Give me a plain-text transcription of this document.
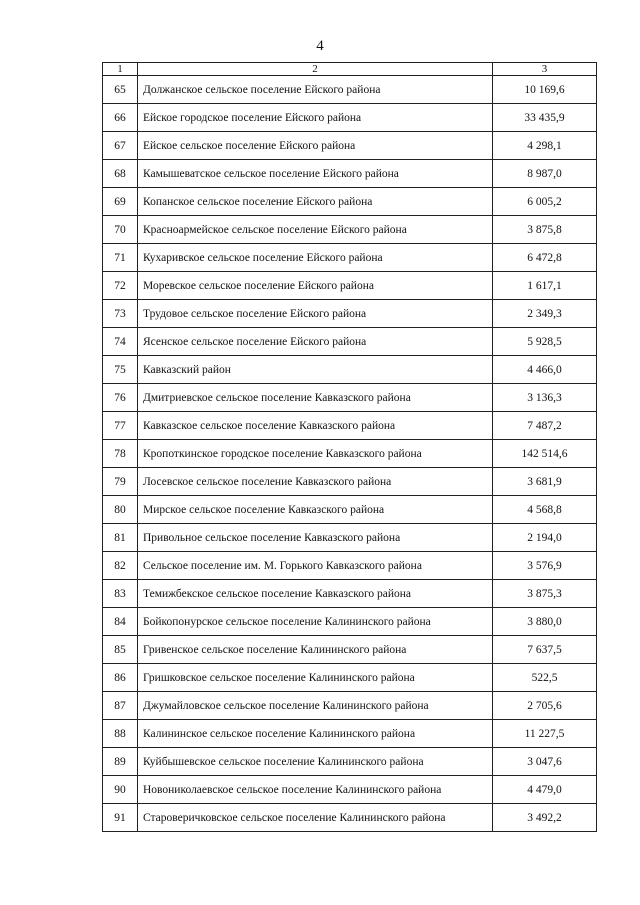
4
1	2	3
65	Должанское сельское поселение Ейского района	10 169,6
66	Ейское городское поселение Ейского района	33 435,9
67	Ейское сельское поселение Ейского района	4 298,1
68	Камышеватское сельское поселение Ейского района	8 987,0
69	Копанское сельское поселение Ейского района	6 005,2
70	Красноармейское сельское поселение Ейского района	3 875,8
71	Кухаривское сельское поселение Ейского района	6 472,8
72	Моревское сельское поселение Ейского района	1 617,1
73	Трудовое сельское поселение Ейского района	2 349,3
74	Ясенское сельское поселение Ейского района	5 928,5
75	Кавказский район	4 466,0
76	Дмитриевское сельское поселение Кавказского района	3 136,3
77	Кавказское сельское поселение Кавказского района	7 487,2
78	Кропоткинское городское поселение Кавказского района	142 514,6
79	Лосевское сельское поселение Кавказского района	3 681,9
80	Мирское сельское поселение Кавказского района	4 568,8
81	Привольное сельское поселение Кавказского района	2 194,0
82	Сельское поселение им. М. Горького Кавказского района	3 576,9
83	Темижбекское сельское поселение Кавказского района	3 875,3
84	Бойкопонурское сельское поселение Калининского района	3 880,0
85	Гривенское сельское поселение Калининского района	7 637,5
86	Гришковское сельское поселение Калининского района	522,5
87	Джумайловское сельское поселение Калининского района	2 705,6
88	Калининское сельское поселение Калининского района	11 227,5
89	Куйбышевское сельское поселение Калининского района	3 047,6
90	Новониколаевское сельское поселение Калининского района	4 479,0
91	Староверичковское сельское поселение Калининского района	3 492,2
